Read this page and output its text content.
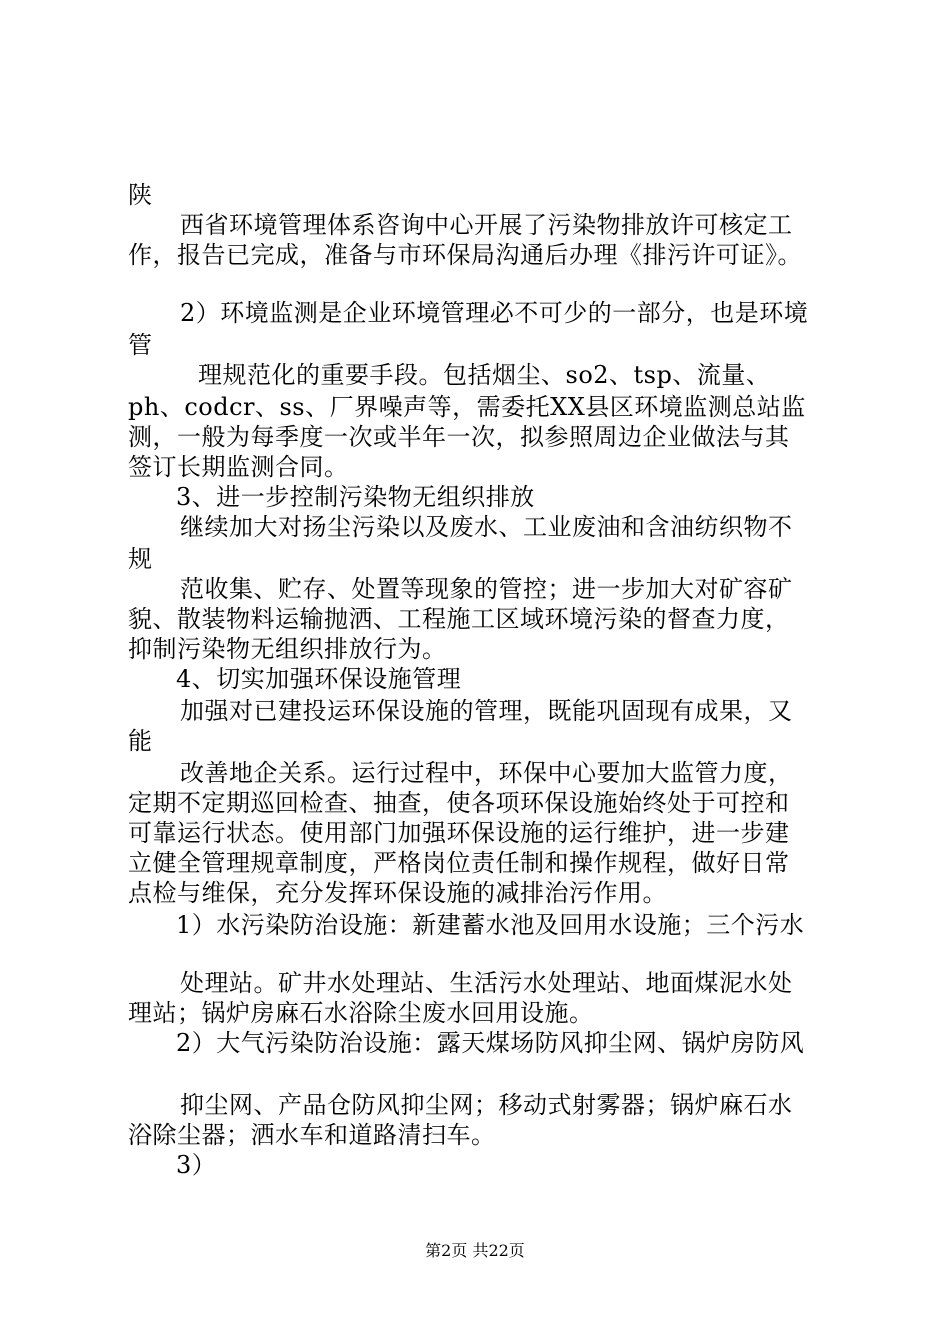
陕
西省环境管理体系咨询中心开展了污染物排放许可核定工
作，报告已完成，准备与市环保局沟通后办理《排污许可证》。
2）环境监测是企业环境管理必不可少的一部分，也是环境
管
理规范化的重要手段。包括烟尘、so2、tsp、流量、
ph、codcr、ss、厂界噪声等，需委托XX县区环境监测总站监
测，一般为每季度一次或半年一次，拟参照周边企业做法与其
签订长期监测合同。
3、进一步控制污染物无组织排放
继续加大对扬尘污染以及废水、工业废油和含油纺织物不
规
范收集、贮存、处置等现象的管控；进一步加大对矿容矿
貌、散装物料运输抛洒、工程施工区域环境污染的督查力度，
抑制污染物无组织排放行为。
4、切实加强环保设施管理
加强对已建投运环保设施的管理，既能巩固现有成果，又
能
改善地企关系。运行过程中，环保中心要加大监管力度，
定期不定期巡回检查、抽查，使各项环保设施始终处于可控和
可靠运行状态。使用部门加强环保设施的运行维护，进一步建
立健全管理规章制度，严格岗位责任制和操作规程，做好日常
点检与维保，充分发挥环保设施的减排治污作用。
1）水污染防治设施：新建蓄水池及回用水设施；三个污水
处理站。矿井水处理站、生活污水处理站、地面煤泥水处
理站；锅炉房麻石水浴除尘废水回用设施。
2）大气污染防治设施：露天煤场防风抑尘网、锅炉房防风
抑尘网、产品仓防风抑尘网；移动式射雾器；锅炉麻石水
浴除尘器；洒水车和道路清扫车。
3）
第2页 共22页
